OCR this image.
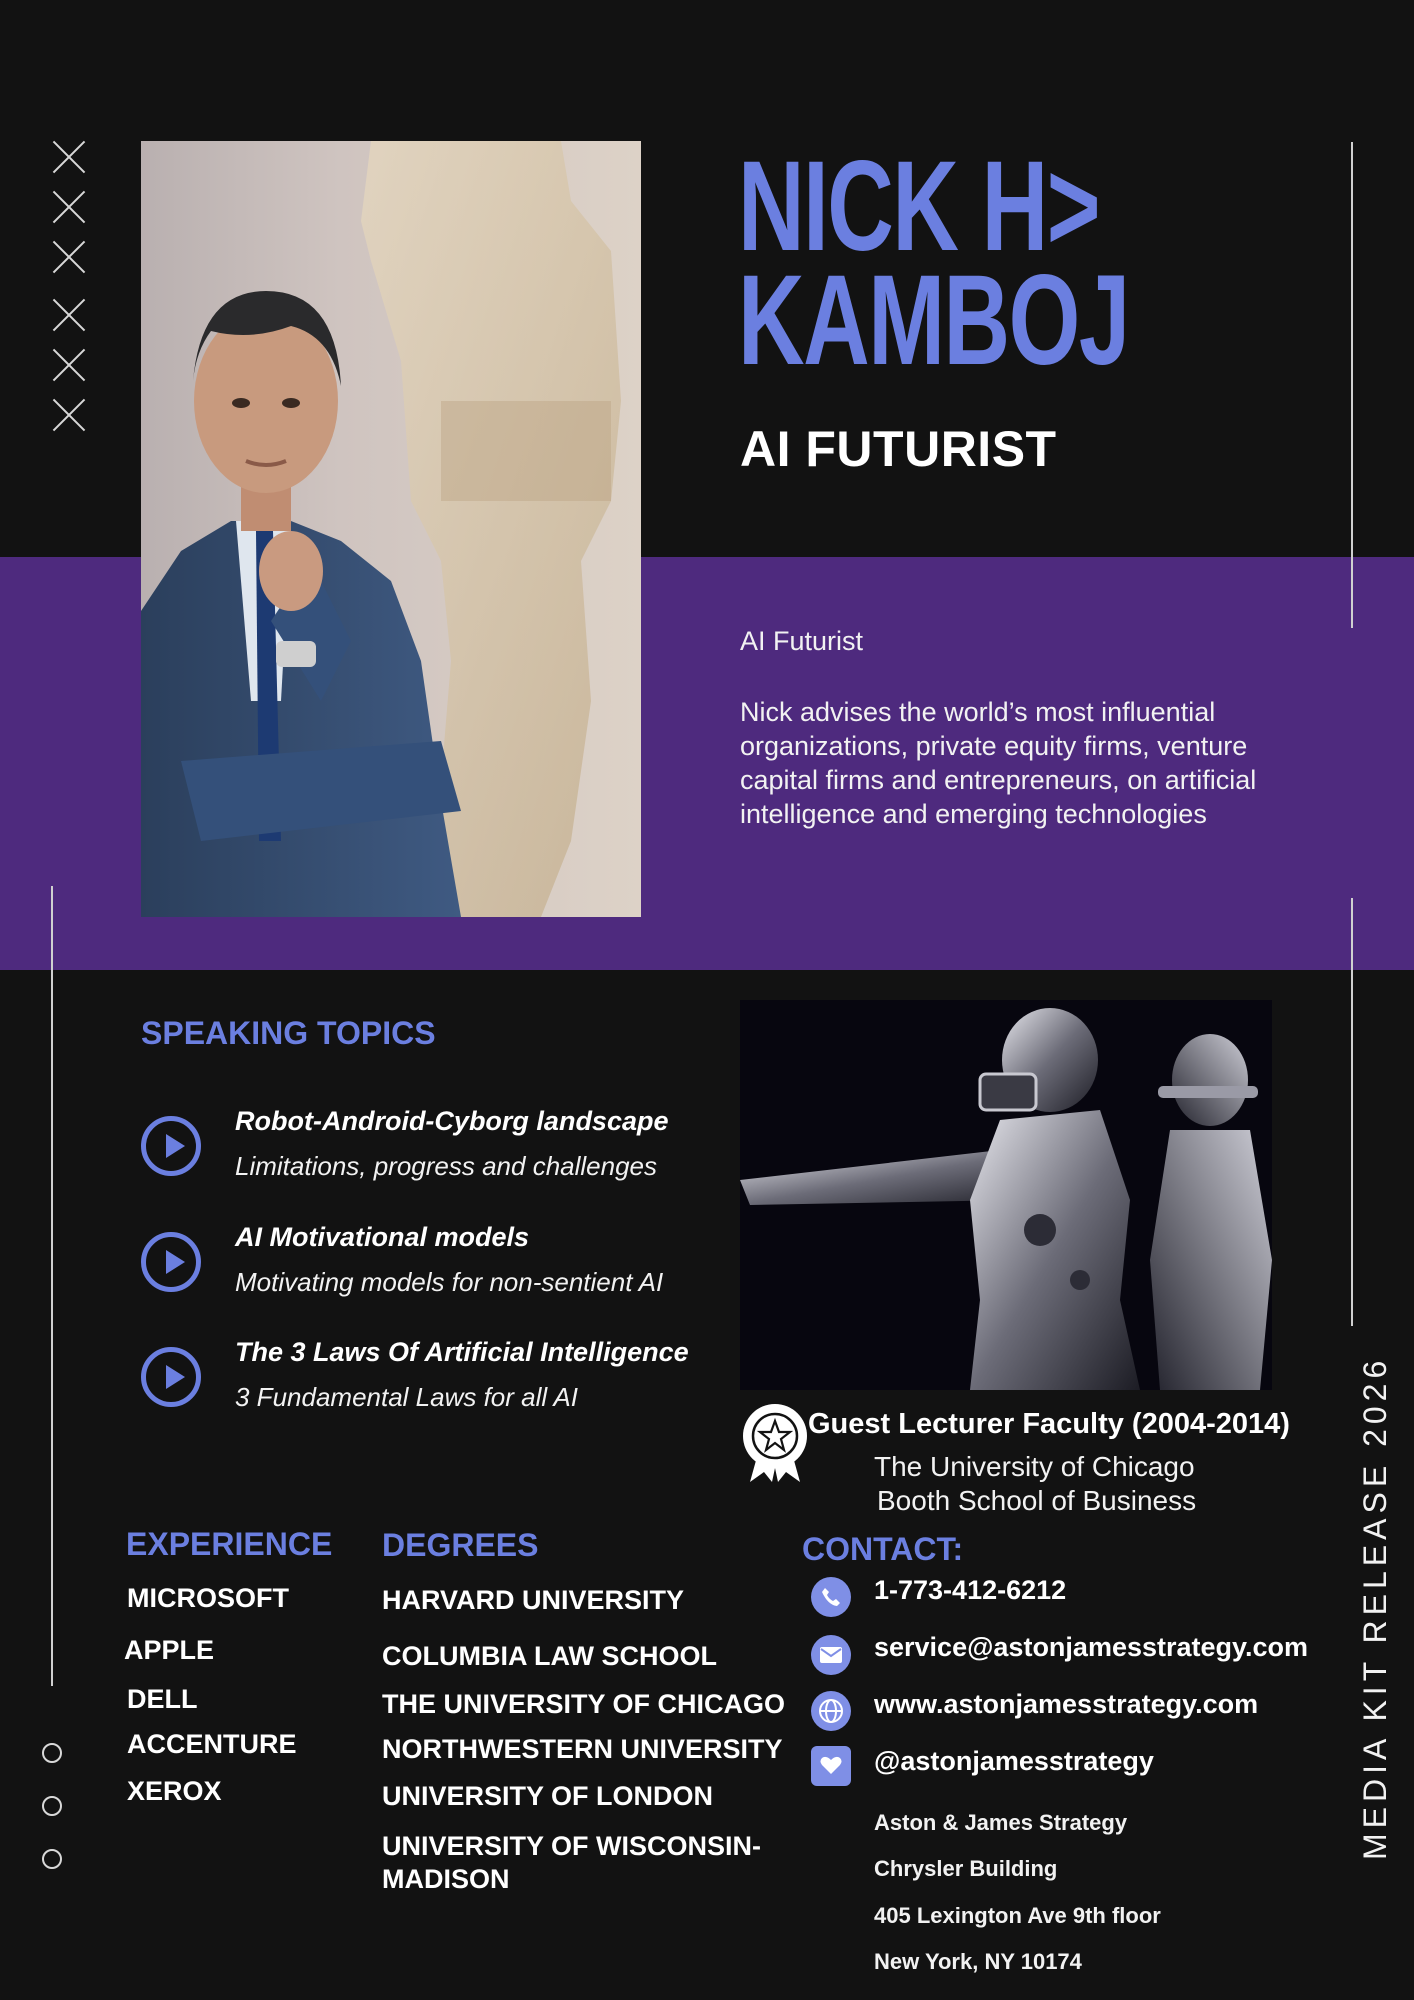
NICK H>
KAMBOJ
AI FUTURIST
AI Futurist
Nick advises the world’s most influential organizations, private equity firms, venture capital firms and entrepreneurs, on artificial intelligence and emerging technologies
SPEAKING TOPICS
Robot-Android-Cyborg landscape
Limitations, progress and challenges
AI Motivational models
Motivating models for non-sentient AI
The 3 Laws Of Artificial Intelligence
3 Fundamental Laws for all AI
Guest Lecturer Faculty (2004-2014)
The University of Chicago
Booth School of Business
EXPERIENCE
MICROSOFT
APPLE
DELL
ACCENTURE
XEROX
DEGREES
HARVARD UNIVERSITY
COLUMBIA LAW SCHOOL
THE UNIVERSITY OF CHICAGO
NORTHWESTERN UNIVERSITY
UNIVERSITY OF LONDON
UNIVERSITY OF WISCONSIN-MADISON
CONTACT:
1-773-412-6212
service@astonjamesstrategy.com
www.astonjamesstrategy.com
@astonjamesstrategy
Aston & James Strategy
Chrysler Building
405 Lexington Ave 9th floor
New York, NY 10174
MEDIA KIT RELEASE 2026
